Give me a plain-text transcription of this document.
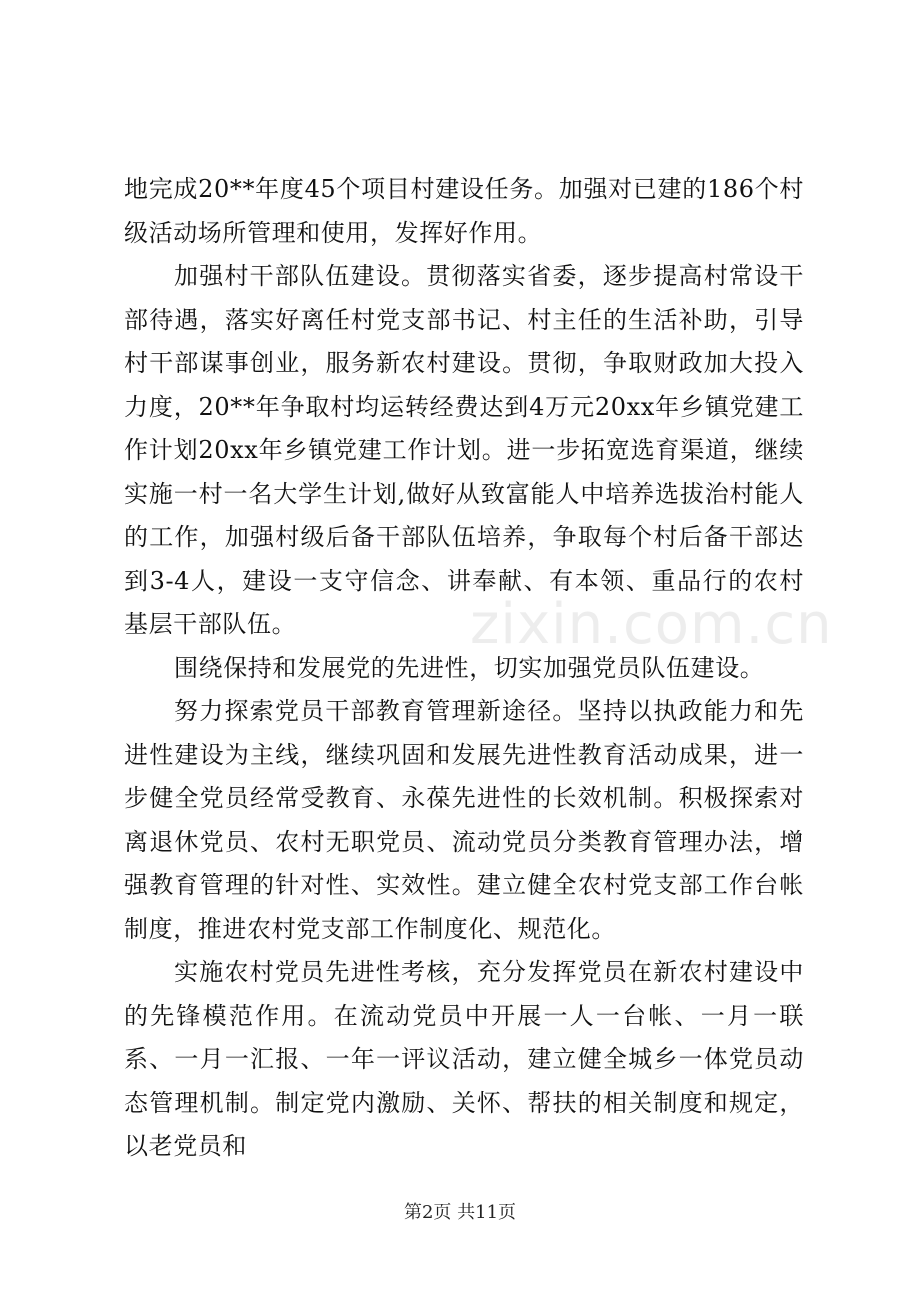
地完成20**年度45个项目村建设任务。加强对已建的186个村级活动场所管理和使用，发挥好作用。

加强村干部队伍建设。贯彻落实省委，逐步提高村常设干部待遇，落实好离任村党支部书记、村主任的生活补助，引导村干部谋事创业，服务新农村建设。贯彻，争取财政加大投入力度，20**年争取村均运转经费达到4万元20xx年乡镇党建工作计划20xx年乡镇党建工作计划。进一步拓宽选育渠道，继续实施一村一名大学生计划,做好从致富能人中培养选拔治村能人的工作，加强村级后备干部队伍培养，争取每个村后备干部达到3-4人，建设一支守信念、讲奉献、有本领、重品行的农村基层干部队伍。

围绕保持和发展党的先进性，切实加强党员队伍建设。

努力探索党员干部教育管理新途径。坚持以执政能力和先进性建设为主线，继续巩固和发展先进性教育活动成果，进一步健全党员经常受教育、永葆先进性的长效机制。积极探索对离退休党员、农村无职党员、流动党员分类教育管理办法，增强教育管理的针对性、实效性。建立健全农村党支部工作台帐制度，推进农村党支部工作制度化、规范化。

实施农村党员先进性考核，充分发挥党员在新农村建设中的先锋模范作用。在流动党员中开展一人一台帐、一月一联系、一月一汇报、一年一评议活动，建立健全城乡一体党员动态管理机制。制定党内激励、关怀、帮扶的相关制度和规定，以老党员和

zixin.com.cn
第2页 共11页
